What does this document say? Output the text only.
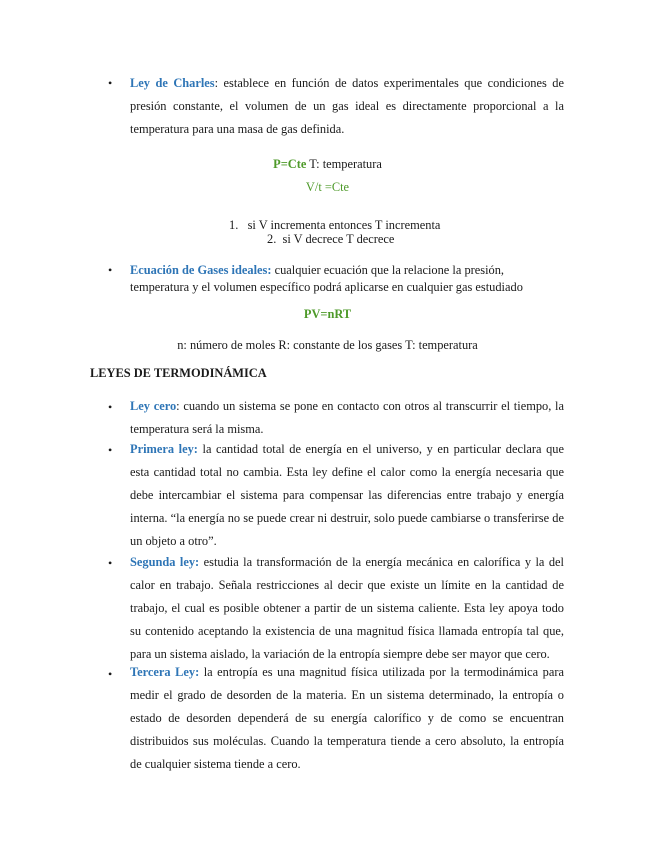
• Ley de Charles: establece en función de datos experimentales que condiciones de presión constante, el volumen de un gas ideal es directamente proporcional a la temperatura para una masa de gas definida.
P=Cte T: temperatura
V/t =Cte
1. si V incrementa entonces T incrementa
2. si V decrece T decrece
• Ecuación de Gases ideales: cualquier ecuación que la relacione la presión, temperatura y el volumen específico podrá aplicarse en cualquier gas estudiado
PV=nRT
n: número de moles R: constante de los gases T: temperatura
LEYES DE TERMODINÁMICA
• Ley cero: cuando un sistema se pone en contacto con otros al transcurrir el tiempo, la temperatura será la misma.
• Primera ley: la cantidad total de energía en el universo, y en particular declara que esta cantidad total no cambia. Esta ley define el calor como la energía necesaria que debe intercambiar el sistema para compensar las diferencias entre trabajo y energía interna. “la energía no se puede crear ni destruir, solo puede cambiarse o transferirse de un objeto a otro”.
• Segunda ley: estudia la transformación de la energía mecánica en calorífica y la del calor en trabajo. Señala restricciones al decir que existe un límite en la cantidad de trabajo, el cual es posible obtener a partir de un sistema caliente. Esta ley apoya todo su contenido aceptando la existencia de una magnitud física llamada entropía tal que, para un sistema aislado, la variación de la entropía siempre debe ser mayor que cero.
• Tercera Ley: la entropía es una magnitud física utilizada por la termodinámica para medir el grado de desorden de la materia. En un sistema determinado, la entropía o estado de desorden dependerá de su energía calorífico y de como se encuentran distribuidos sus moléculas. Cuando la temperatura tiende a cero absoluto, la entropía de cualquier sistema tiende a cero.
